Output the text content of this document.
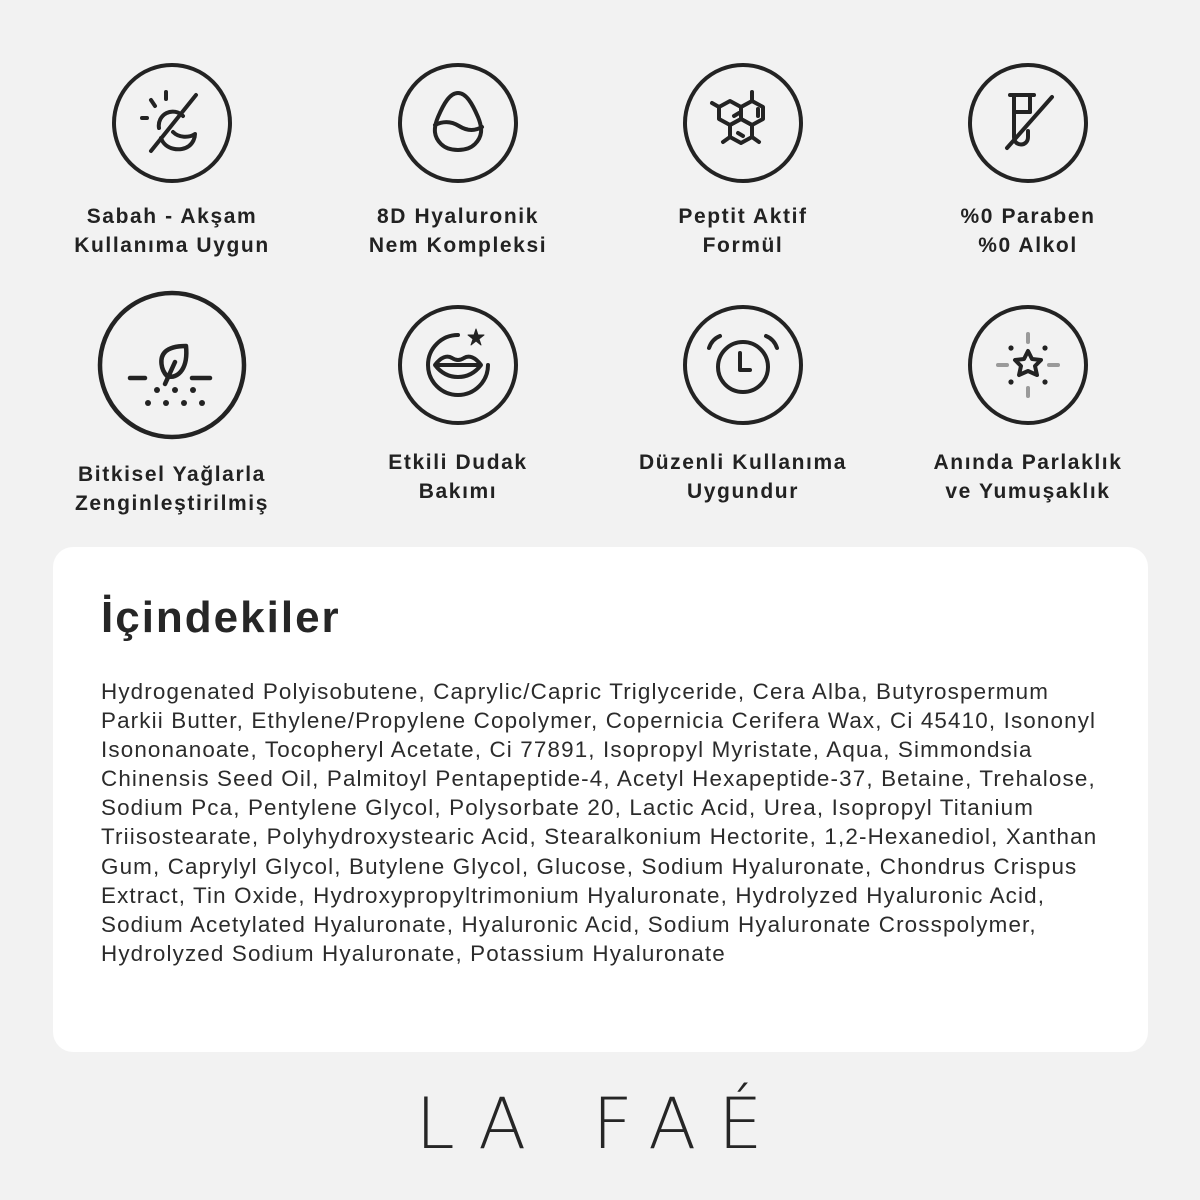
Sabah - Akşam
Kullanıma Uygun
8D Hyaluronik
Nem Kompleksi
Peptit Aktif
Formül
%0 Paraben
%0 Alkol
Bitkisel Yağlarla
Zenginleştirilmiş
Etkili Dudak
Bakımı
Düzenli Kullanıma
Uygundur
Anında Parlaklık
ve Yumuşaklık
İçindekiler

Hydrogenated Polyisobutene, Caprylic/Capric Triglyceride, Cera Alba, Butyrospermum Parkii Butter, Ethylene/Propylene Copolymer, Copernicia Cerifera Wax, Ci 45410, Isononyl Isononanoate, Tocopheryl Acetate, Ci 77891, Isopropyl Myristate, Aqua, Simmondsia Chinensis Seed Oil, Palmitoyl Pentapeptide-4, Acetyl Hexapeptide-37, Betaine, Trehalose, Sodium Pca, Pentylene Glycol, Polysorbate 20, Lactic Acid, Urea, Isopropyl Titanium Triisostearate, Polyhydroxystearic Acid, Stearalkonium Hectorite, 1,2-Hexanediol, Xanthan Gum, Caprylyl Glycol, Butylene Glycol, Glucose, Sodium Hyaluronate, Chondrus Crispus Extract, Tin Oxide, Hydroxypropyltrimonium Hyaluronate, Hydrolyzed Hyaluronic Acid, Sodium Acetylated Hyaluronate, Hyaluronic Acid, Sodium Hyaluronate Crosspolymer, Hydrolyzed Sodium Hyaluronate, Potassium Hyaluronate

LA FAÉ
